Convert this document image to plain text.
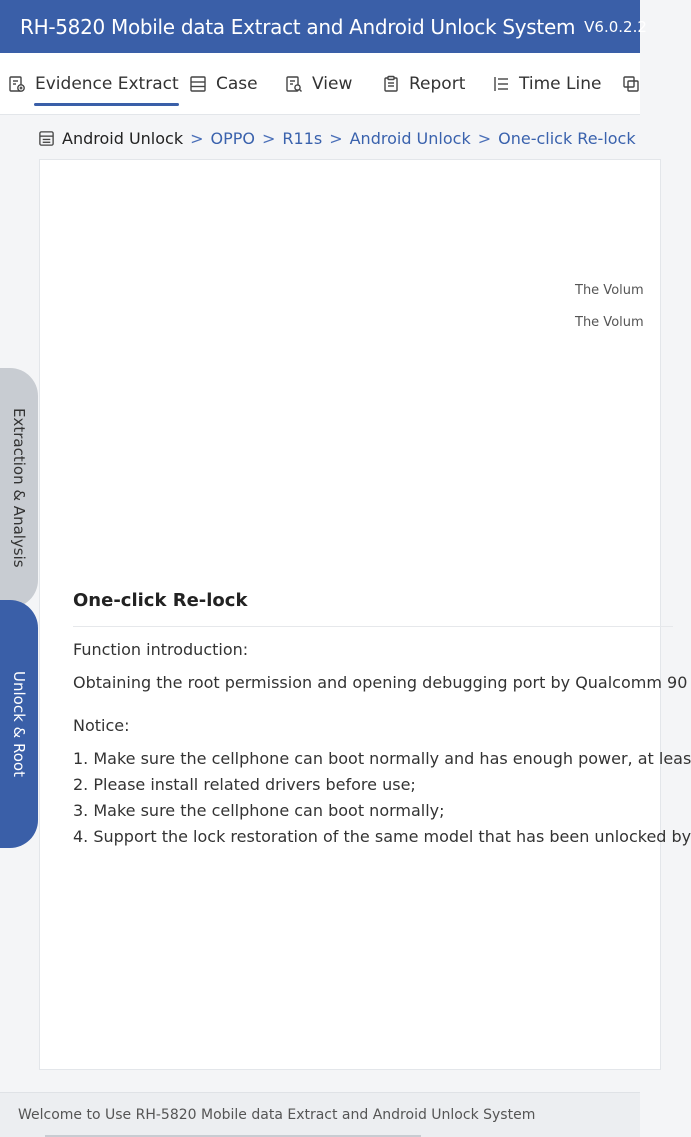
RH-5820 Mobile data Extract and Android Unlock System V6.0.2.2
Evidence Extract Case	View	Report	Time Line
Android Unlock > OPPO > R11s > Android Unlock > One-click Re-lock
The Volum
The Volum
One-click Re-lock
Function introduction:
Obtaining the root permission and opening debugging port by Qualcomm 90
Notice:
1. Make sure the cellphone can boot normally and has enough power, at leas
2. Please install related drivers before use;
3. Make sure the cellphone can boot normally;
4. Support the lock restoration of the same model that has been unlocked by
Extraction & Analysis
Unlock & Root
Welcome to Use RH-5820 Mobile data Extract and Android Unlock System
